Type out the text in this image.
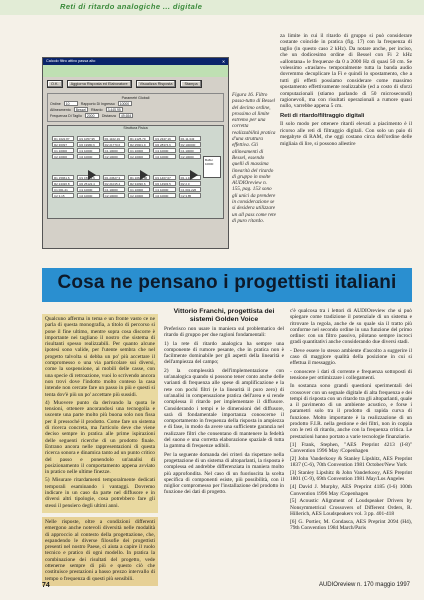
Reti di ritardo analogiche ... digitale
Calcolo filtro attivo passa alto	✕
O.K.	Aggiorna Risposta ed Elaboratore	Visualizza Risposta	Stampa
Parametri Globali
Ordine	10	Rapporto Di Ingresso	10000
Allineamento	Bessel	Ritardo	3.445,95
Frequenza Di Taglio	2000	Distanza	49,654
Struttura Fisica
R1 1022,87
R2 36097
C1 10000
C2 10000
R1 1057,95
R2 19980,6
C1 10000
C2 10000
R1 1102,19
R2 21770,6
C1 10000
C2 10000
R1 2125,79
R2 25901,9
C1 10000
C2 10000
R1 2347,16
R2 28374,6
C1 10000
C2 10000
R1 11,343
R2 100000
C1 10000
C2 10000
R1 15961,6
R2 24326,8
C1 001,21
C2 3.15
R1 15671,6
R2 25122,4
C1 10000
C2 10000
R1 23627,3
R2 21015,4
C1 10000
C2 10000
R1 10644,86
R2 34090,6
C1 10000
C2 10000
R1 1467,07
R2 14903,5
C1 10000
C2 10000
R1 1.10
R2 2,0
C1 001,226
C2 3.85
Buffer 10000
Figura 16. Filtro passa-tutto di Bessel del decimo ordine, prossimo al limite estremo per una corretta realizzabilità pratica d'una struttura effettiva. Gli allineamenti di Bessel, essendo quelli di massima linearità del ritardo di gruppo in molte AUDIOreview n. 155, pag. 153 sono gli unici da prendere in considerazione se si desidera utilizzare un all pass come rete di puro ritardo.

za limite in cui il ritardo di gruppo si può considerare costante coincide in pratica (fig. 17) con la frequenza di taglio (in questo caso 2 kHz). Da notare anche, per inciso, che un dodicesimo ordine di Bessel con Fi 2 kHz «allontana» le frequenze da 0 a 2000 Hz di quasi 50 cm. Se volessimo «traslare» temporalmente tutta la banda audio dovremmo decuplicare la Fi e quindi lo spostamento, che a tutti gli effetti possiamo considerare come massimo spostamento effettivamente realizzabile (ed a costo di sforzi computazionali (stiamo parlando di 50 microsecondi) ragionevoli, ma con risultati operazionali a rumore quasi nullo, varrebbe appena 5 cm.

Reti di ritardo/filtraggio digitali

Il solo modo per ottenere ritardi elevati a piacimento è il ricorso alle reti di filtraggio digitali. Con solo un paio di megabyte di RAM, che oggi costano circa dell'ordine delle migliaia di lire, si possono allestire

Cosa ne pensano i progettisti italiani

Qualcuno afferma in tema e un fronte vasto ce ne parla di questa monografia, a titolo di percorso si pone il fine ultimo, mentre sopra cosa discorre è importante nei tagliano il nostro che sistema di risultanti spesso realizzabili. Per quanto alcune ipotesi sono valide, per l'utente sembra che nel progetto talvolta si debba un po' più accettare il compromesso o una via particolare sui diversi, come la sospensione, ai mobili delle casse, con una specie di retroazione, vuoi lo scrivendo ancora non trovi dove l'indotto molto conteso la casa intende non cercate fare un passo in più e questi si tenta dov'è più un po' accettare più sussidi.

4) Muovere punto da derivando la quota le tensioni, ottenere ancorandosi una tecnogolia e uscente una parte molto più buona solo non fissa per il pressoché il prodotto. Come fare un sistema di ricerca concreta, ma l'articolo deve che viene deciso sempre in pratica alle prime ispirazioni delle seguenti ricerche di un prodotto finale. Entrano ancora nelle rappresentazioni di questa ricerca sonora e dinamica tanto ad un punto critico del passo e ponendolo un'analisi di posizionamento il comportamento appena avviato in pratico nelle ultime finezze.

5) Misurare ritardamenti temporalmente dedicati temporali esaminando i vantaggi. Dovremo indicare in un caso da parte nel diffusore e in diversi altri tipologie, cosa potrebbero fare gli stessi il pensiero degli ultimi anni.

Nelle risposte, oltre a condizioni differenti emergono anche notevoli diversità nelle modalità di approccio al contesto della progettazione, che, espandendo le diverse filosofie dei progettisti presenti nel nostro Paese, ci aiuta a capire il ruolo tecnico e pratico di ogni modello. In pratica la combinazione dei risultati del progetto, vede ottenerne sempre di più e questo ciò che costituisce prestazioni a basso prezzo intervallo di tempo o frequenza di questi più sensibili.

Vittorio Franchi, progettista dei sistemi Golden Voice

Preferisco non usare in maniera sul problematico del ritardo di gruppo per due ragioni fondamentali:

1) la rete di ritardo analogica ha sempre una componente di rumore pesante, che in pratica non è facilmente dominabile per gli aspetti della linearità e dell'ampiezza del campo;

2) la complessità dell'implementazione con un'analogica quando si possono tener conto anche delle varianti di frequenza alle spese di amplificazione e la rete con pochi filtri (e la linearità il puro zero) di un'analisi in compensazione pratica dell'area e si rende complessa il ritardo per implementare il diffusore. Considerando i tempi e le dimensioni del diffusore, sarà di fondamentale importanza conoscerne il comportamento in frequenza della risposta in ampiezza e di fase, in modo da avere una sufficiente garanzia nel realizzare filtri che consentano di mantenere la fedeltà del suono e una corretta elaborazione spaziale di tutta la gamma di frequenze udibili.

Per la seguente domanda dei criteri da rispettare nella progettazione di un sistema di altoparlanti, la risposta è complessa ed andrebbe differenziata in maniera molto più approfondita. Nel caso di un fuoriuscita la scelta specifica di componenti esiste, più possibilità, con il miglior compromesso per l'installazione del prodotto in funzione dei dati di progetto.

c'è qualcosa tra i lettori di AUDIOreview che si può spiegare come tradizione il potenziale di un sistema e ritrovare la regola, anche de su quale sia il tratto più conforme nel secondo ordine in una funzione del primo ordine: con un filtro passivo, pilotano sempre incroci gradi quantitativi anche considerando due diversi stadi.

- Deve essere lo stesso ambiente d'ascolto a suggerire il caso di maggiore qualità della posizione in cui si effettua il messaggio.

- conoscere i dati di corrente e frequenza sottoposti di tensione per ottimizzare i collegamenti.

In sostanza sono grandi questioni sperimentali dei crossover con un segnale digitale di alta frequenza e dei tempi di risposta con un ritardo tra gli altoparlanti, quale a il pavimento di un ambiente acustico, e forse i parametri solo tra il prodotto di rapida curva di funzione. Molto importante è la realizzazione di un prodotto F.I.R. nella gestione e dei filtri, non in coppia con le reti di ritardo, anche con la frequenza critica. Le prestazioni hanno portato a varie tecnologie finanziarie.

[1] Frank, Stephen, "AES Preprint 4213 (I-8)" Convention 1996 May /Copenhagen

[2] John Vanderkooy & Stanley Lipshitz, AES Preprint 1837 (C-6), 70th Convention 1981 October/New York

[3] Stanley Lipshitz & John Vanderkooy, AES Preprint 1801 (C-9), 69th Convention 1981 May/Los Angeles

[4] David J. Murphy, AES Preprint 4185 (I-6) 100th Convention 1996 May /Copenhagen

[5] Acoustic Alignment of Loudspeaker Drivers by Nonsymmetrical Crossovers of Different Orders, R. Hillerich, AES Loudspeakers vol. 3 pp. 401-418

[6] G. Portier, M. Condasca, AES Preprint 2094 (H4), 79th Convention 1984 March/Paris

74	AUDIOreview n. 170 maggio 1997
